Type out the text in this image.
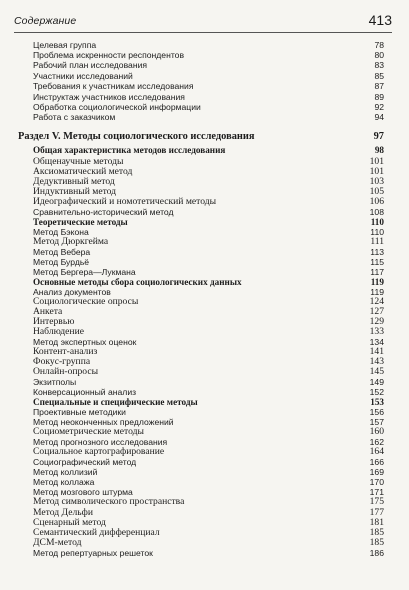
Содержание	413
Целевая группа	78
Проблема искренности респондентов	80
Рабочий план исследования	83
Участники исследований	85
Требования к участникам исследования	87
Инструктаж участников исследования	89
Обработка социологической информации	92
Работа с заказчиком	94
Раздел V. Методы социологического исследования	97
Общая характеристика методов исследования	98
Общенаучные методы	101
Аксиоматический метод	101
Дедуктивный метод	103
Индуктивный метод	105
Идеографический и номотетический методы	106
Сравнительно-исторический метод	108
Теоретические методы	110
Метод Бэкона	110
Метод Дюркгейма	111
Метод Вебера	113
Метод Бурдьё	115
Метод Бергера—Лукмана	117
Основные методы сбора социологических данных	119
Анализ документов	119
Социологические опросы	124
Анкета	127
Интервью	129
Наблюдение	133
Метод экспертных оценок	134
Контент-анализ	141
Фокус-группа	143
Онлайн-опросы	145
Экзитполы	149
Конверсационный анализ	152
Специальные и специфические методы	153
Проективные методики	156
Метод неоконченных предложений	157
Социометрические методы	160
Метод прогнозного исследования	162
Социальное картографирование	164
Социографический метод	166
Метод коллизий	169
Метод коллажа	170
Метод мозгового штурма	171
Метод символического пространства	175
Метод Дельфи	177
Сценарный метод	181
Семантический дифференциал	185
ДСМ-метод	185
Метод репертуарных решеток	186
